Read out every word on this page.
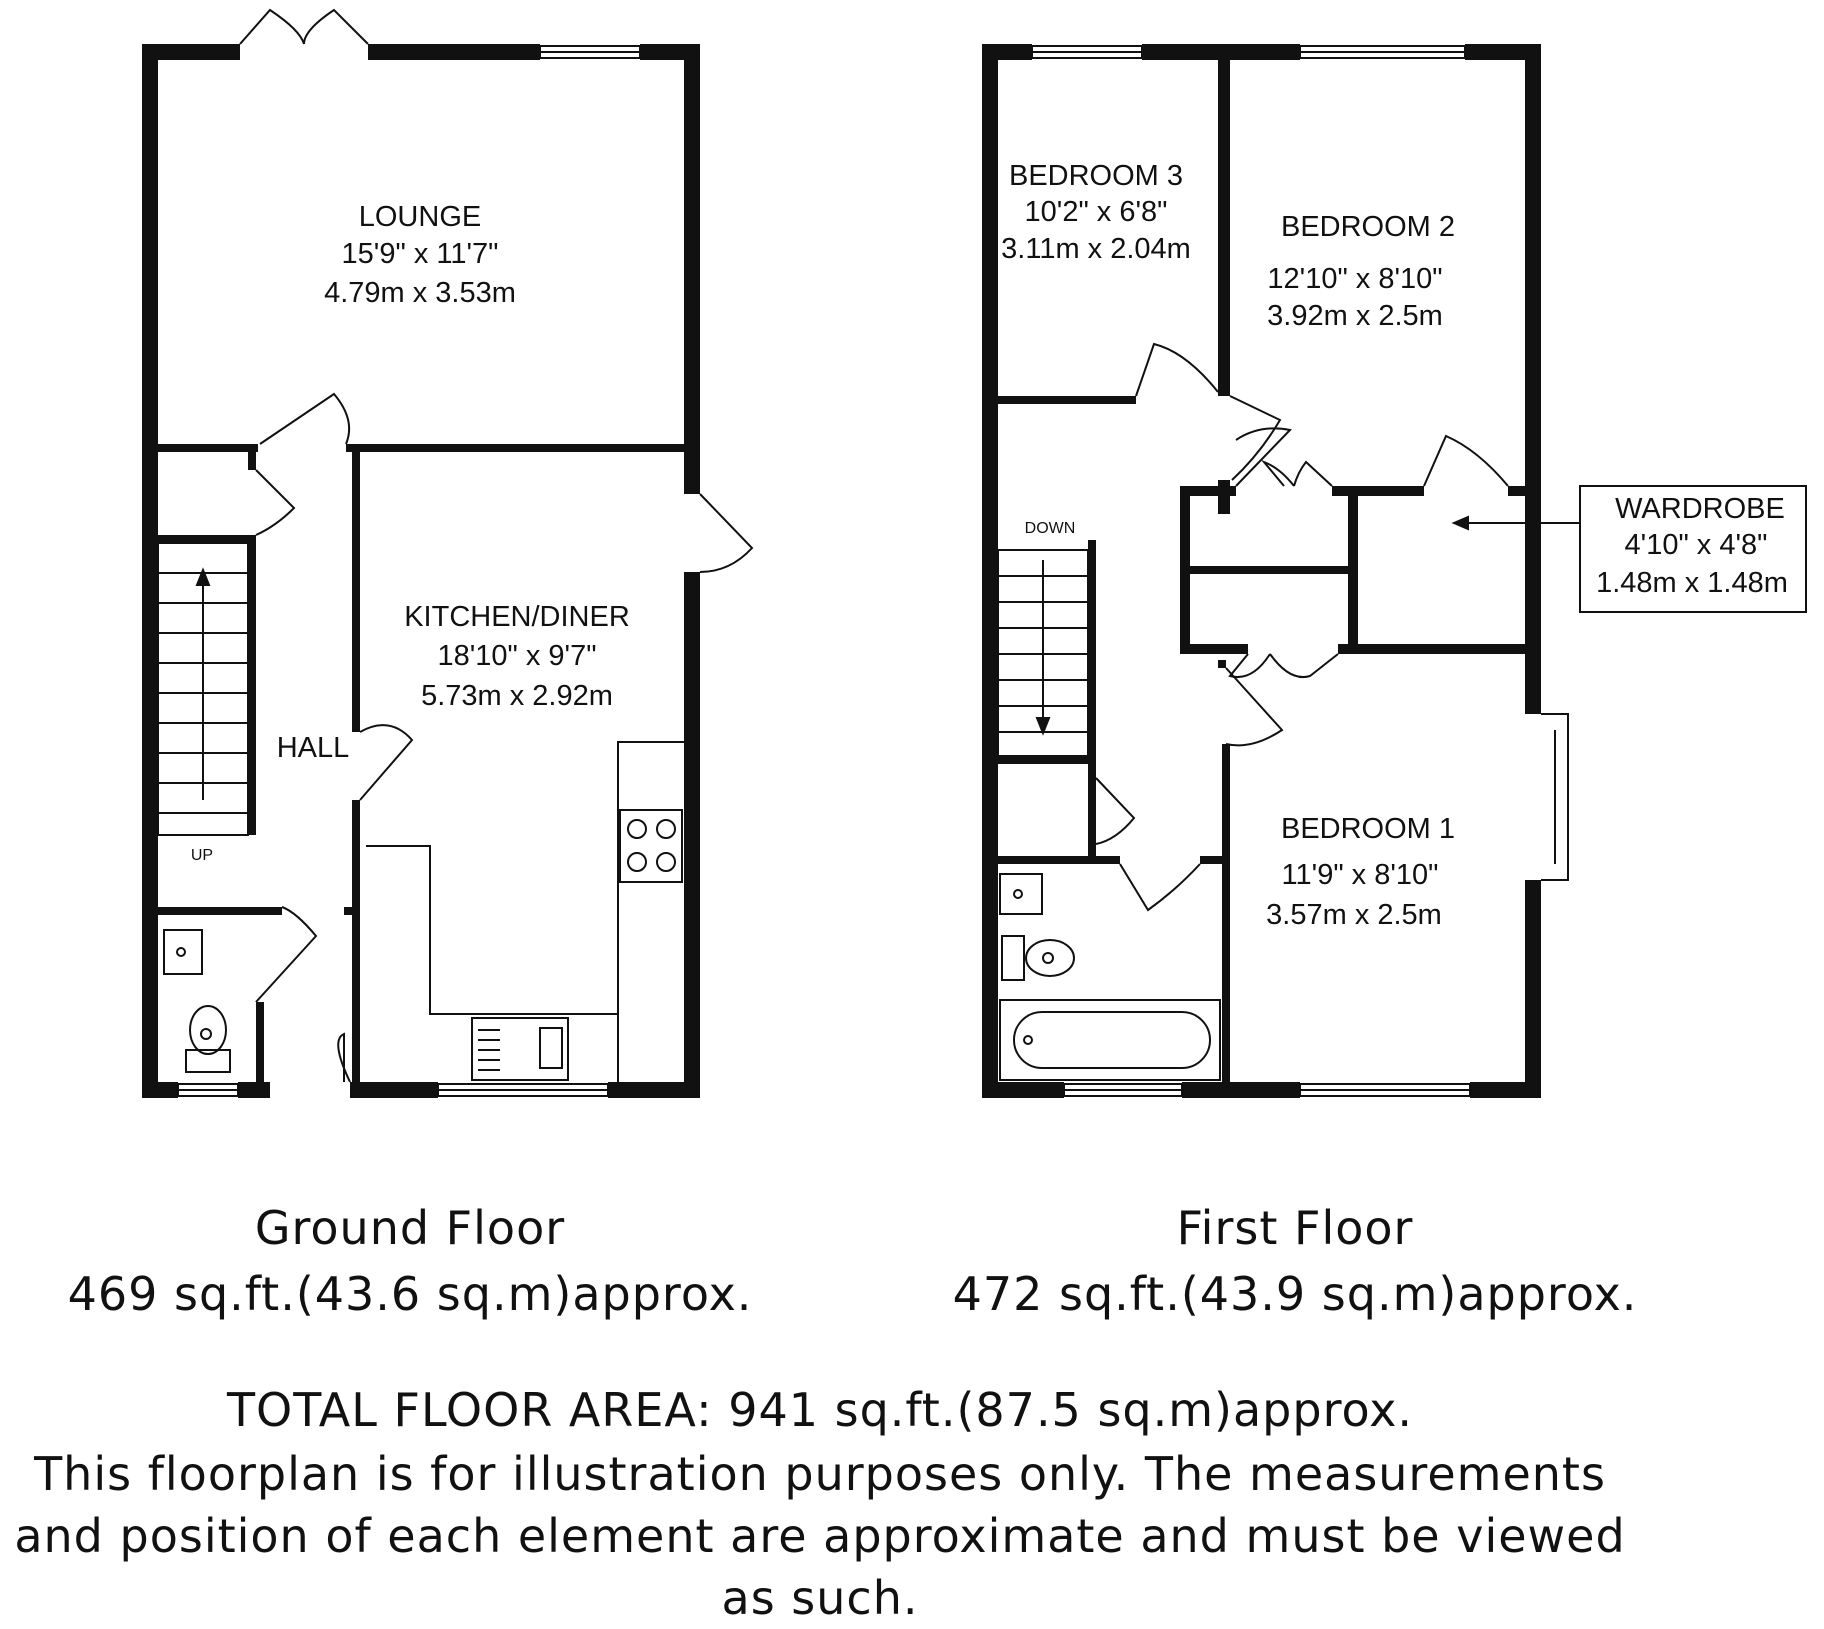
LOUNGE
15'9" x 11'7"
4.79m x 3.53m
KITCHEN/DINER
18'10" x 9'7"
5.73m x 2.92m
HALL
UP
BEDROOM 3
10'2" x 6'8"
3.11m x 2.04m
BEDROOM 2
12'10" x 8'10"
3.92m x 2.5m
BEDROOM 1
11'9" x 8'10"
3.57m x 2.5m
WARDROBE
4'10" x 4'8"
1.48m x 1.48m
DOWN
Ground Floor
469 sq.ft.(43.6 sq.m)approx.
First Floor
472 sq.ft.(43.9 sq.m)approx.
TOTAL FLOOR AREA: 941 sq.ft.(87.5 sq.m)approx.
This floorplan is for illustration purposes only. The measurements
and position of each element are approximate and must be viewed
as such.
